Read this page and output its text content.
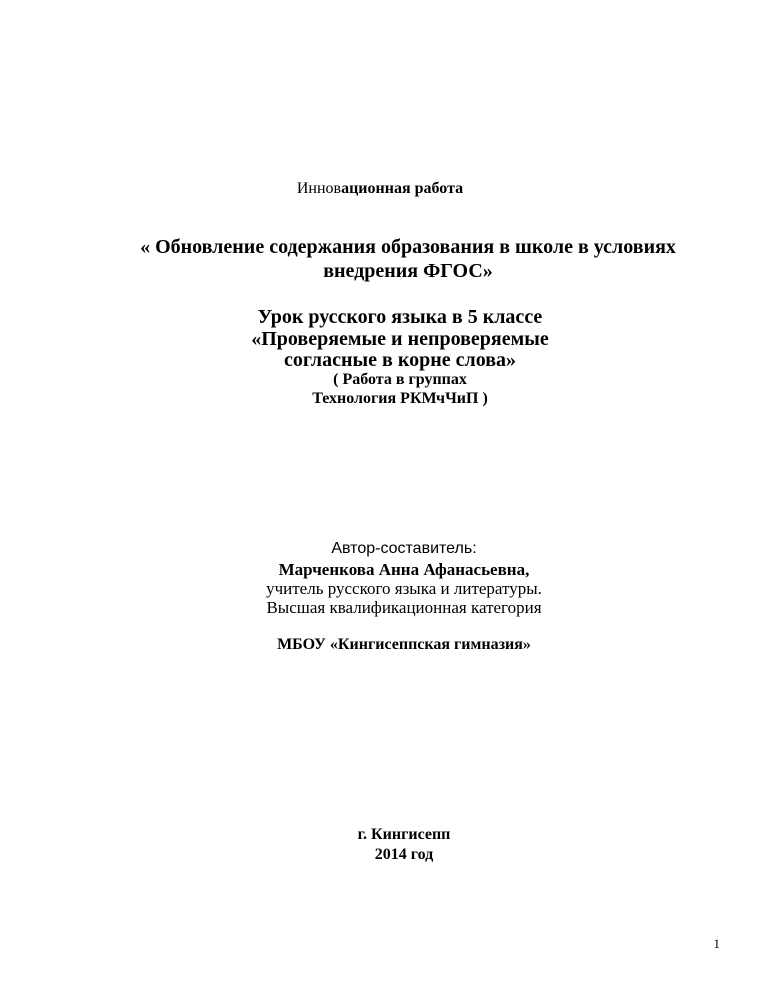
Инновационная работа
« Обновление содержания образования в школе в условиях
внедрения ФГОС»
Урок русского языка в 5 классе
«Проверяемые и непроверяемые
согласные в корне слова»
( Работа в группах
Технология РКМчЧиП )
Автор-составитель:
Марченкова Анна Афанасьевна,
учитель русского языка и литературы.
Высшая квалификационная категория
МБОУ «Кингисеппская гимназия»
г. Кингисепп
2014 год
1
